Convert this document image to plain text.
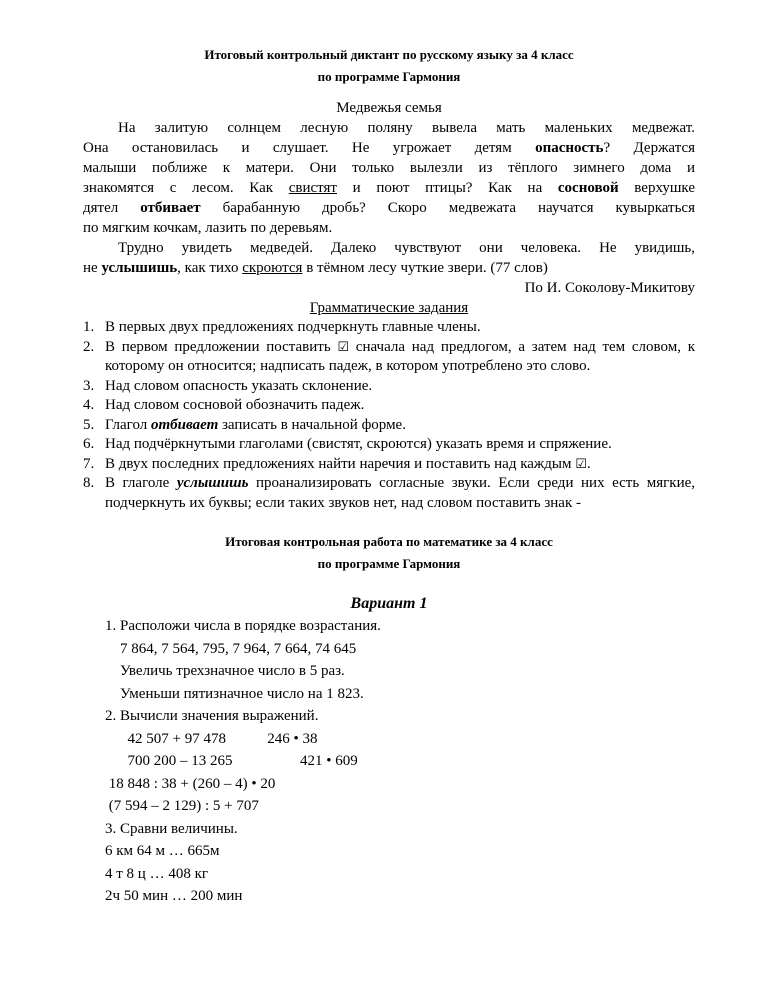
Итоговый контрольный диктант по русскому языку за 4 класс
по программе Гармония
Медвежья семья
На залитую солнцем лесную поляну вывела мать маленьких медвежат.
Она остановилась и слушает. Не угрожает детям опасность? Держатся
малыши поближе к матери. Они только вылезли из тёплого зимнего дома и
знакомятся с лесом. Как свистят и поют птицы? Как на сосновой верхушке
дятел отбивает барабанную дробь? Скоро медвежата научатся кувыркаться
по мягким кочкам, лазить по деревьям.
Трудно увидеть медведей. Далеко чувствуют они человека. Не увидишь,
не услышишь, как тихо скроются в тёмном лесу чуткие звери. (77 слов)
По И. Соколову-Микитову
Грамматические задания
1. В первых двух предложениях подчеркнуть главные члены.
2. В первом предложении поставить ☑ сначала над предлогом, а затем над тем словом, к которому он относится; надписать падеж, в котором употреблено это слово.
3. Над словом опасность указать склонение.
4. Над словом сосновой обозначить падеж.
5. Глагол отбивает записать в начальной форме.
6. Над подчёркнутыми глаголами (свистят, скроются) указать время и спряжение.
7. В двух последних предложениях найти наречия и поставить над каждым ☑.
8. В глаголе услышишь проанализировать согласные звуки. Если среди них есть мягкие, подчеркнуть их буквы; если таких звуков нет, над словом поставить знак -
Итоговая контрольная работа по математике за 4 класс
по программе Гармония
Вариант 1
1. Расположи числа в порядке возрастания.
7 864, 7 564, 795, 7 964, 7 664, 74 645
Увеличь трехзначное число в 5 раз.
Уменьши пятизначное число на 1 823.
2. Вычисли значения выражений.
42 507 + 97 478           246 • 38
700 200 – 13 265                  421 • 609
18 848 : 38 + (260 – 4) • 20
(7 594 – 2 129) : 5 + 707
3. Сравни величины.
6 км 64 м … 665м
4 т 8 ц … 408 кг
2ч 50 мин … 200 мин
